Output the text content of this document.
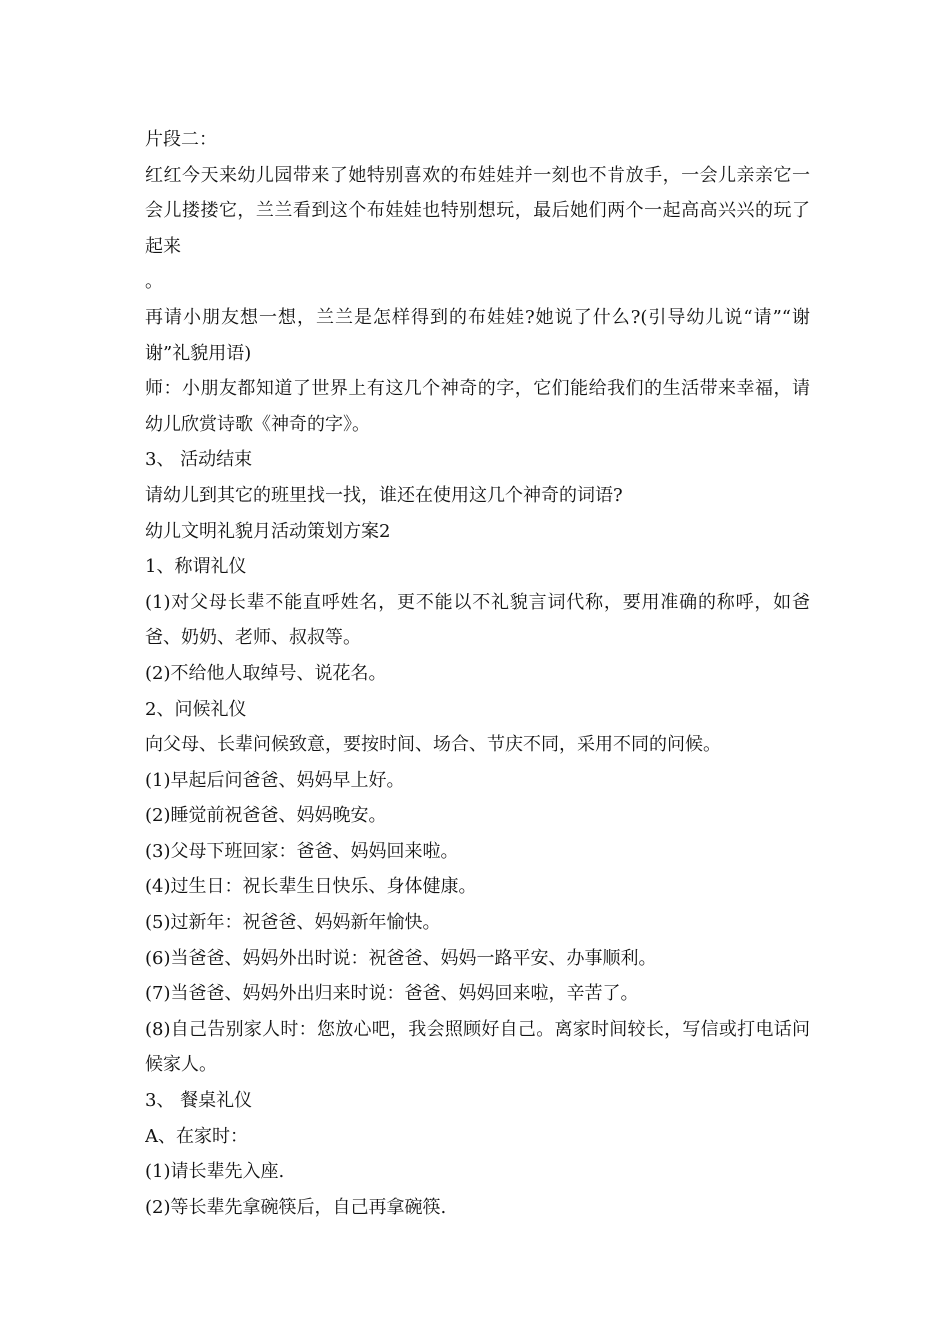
片段二：
红红今天来幼儿园带来了她特别喜欢的布娃娃并一刻也不肯放手，一会儿亲亲它一会儿搂搂它，兰兰看到这个布娃娃也特别想玩，最后她们两个一起高高兴兴的玩了起来
。
再请小朋友想一想，兰兰是怎样得到的布娃娃?她说了什么?(引导幼儿说“请”“谢谢”礼貌用语)
师：小朋友都知道了世界上有这几个神奇的字，它们能给我们的生活带来幸福，请幼儿欣赏诗歌《神奇的字》。
3、 活动结束
请幼儿到其它的班里找一找，谁还在使用这几个神奇的词语?
幼儿文明礼貌月活动策划方案2
1、称谓礼仪
(1)对父母长辈不能直呼姓名，更不能以不礼貌言词代称，要用准确的称呼，如爸爸、奶奶、老师、叔叔等。
(2)不给他人取绰号、说花名。
2、问候礼仪
向父母、长辈问候致意，要按时间、场合、节庆不同，采用不同的问候。
(1)早起后问爸爸、妈妈早上好。
(2)睡觉前祝爸爸、妈妈晚安。
(3)父母下班回家：爸爸、妈妈回来啦。
(4)过生日：祝长辈生日快乐、身体健康。
(5)过新年：祝爸爸、妈妈新年愉快。
(6)当爸爸、妈妈外出时说：祝爸爸、妈妈一路平安、办事顺利。
(7)当爸爸、妈妈外出归来时说：爸爸、妈妈回来啦，辛苦了。
(8)自己告别家人时：您放心吧，我会照顾好自己。离家时间较长，写信或打电话问候家人。
3、 餐桌礼仪
A、在家时：
(1)请长辈先入座.
(2)等长辈先拿碗筷后，自己再拿碗筷.
